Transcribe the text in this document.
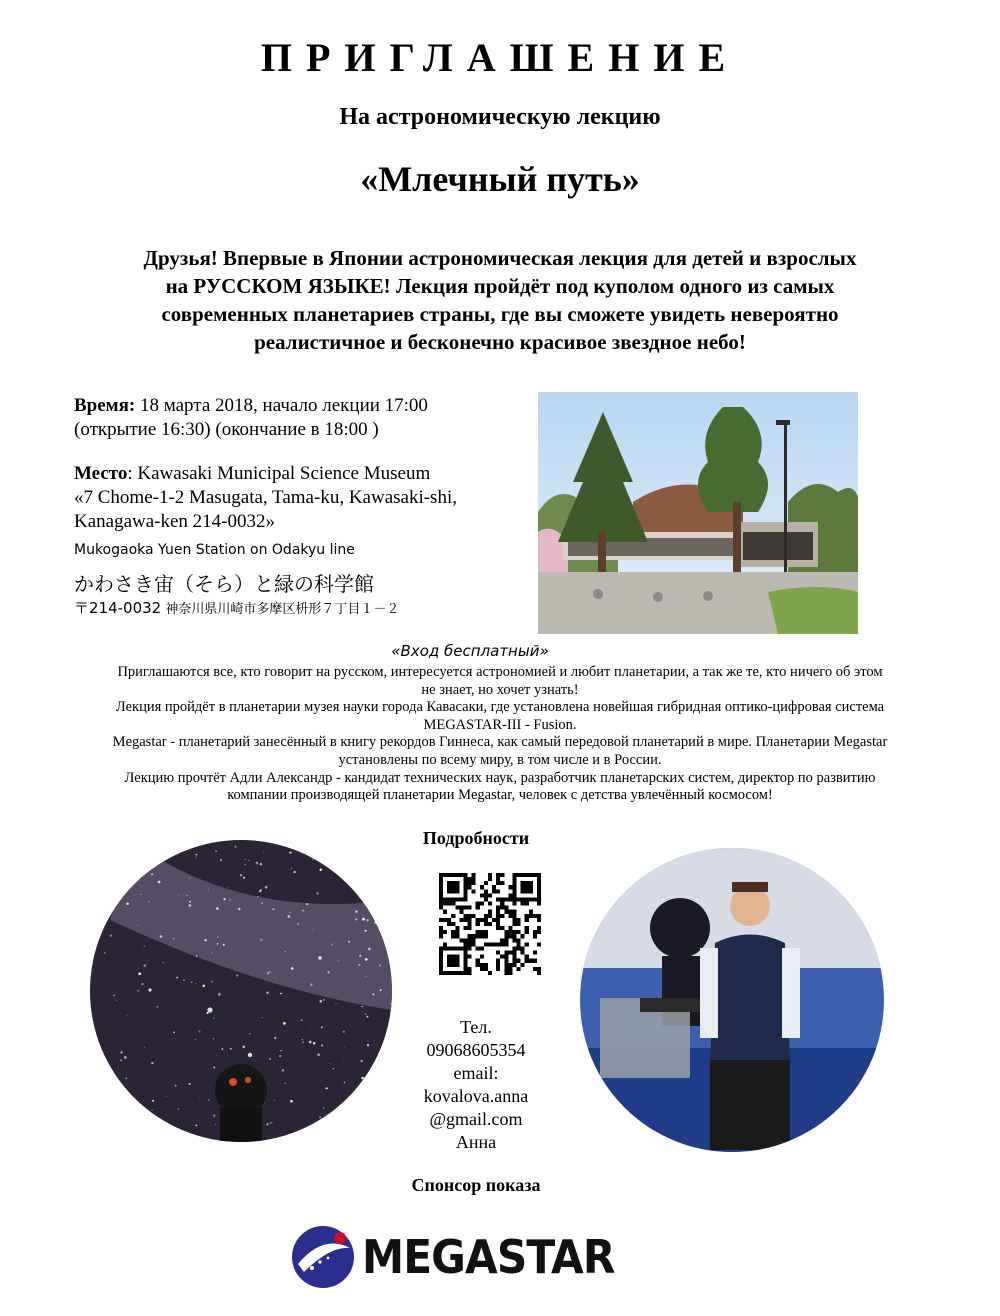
ПРИГЛАШЕНИЕ
На астрономическую лекцию
«Млечный путь»
Друзья! Впервые в Японии астрономическая лекция для детей и взрослых
на РУССКОМ ЯЗЫКЕ! Лекция пройдёт под куполом одного из самых
современных планетариев страны, где вы сможете увидеть невероятно
реалистичное и бесконечно красивое звездное небо!

Время: 18 марта 2018, начало лекции 17:00

(открытие 16:30) (окончание в 18:00 )

Место: Kawasaki Municipal Science Museum

«7 Chome-1-2 Masugata, Tama-ku, Kawasaki-shi,

Kanagawa-ken 214-0032»

Mukogaoka Yuen Station on Odakyu line

かわさき宙（そら）と緑の科学館

〒214-0032 神奈川県川崎市多摩区枡形７丁目１－２

«Вход бесплатный»

Приглашаются все, кто говорит на русском, интересуется астрономией и любит планетарии, а так же те, кто ничего об этом

не знает, но хочет узнать!

Лекция пройдёт в планетарии музея науки города Кавасаки, где установлена новейшая гибридная оптико-цифровая система

MEGASTAR-III - Fusion.

Megastar - планетарий занесённый в книгу рекордов Гиннеса, как самый передовой планетарий в мире. Планетарии Megastar

установлены по всему миру, в том числе и в России.

Лекцию прочтёт Адли Александр - кандидат технических наук, разработчик планетарских систем, директор по развитию

компании производящей планетарии Megastar, человек с детства увлечённый космосом!

Подробности
Тел.
09068605354
email:
kovalova.anna
@gmail.com
Анна
Спонсор показа
MEGASTAR
